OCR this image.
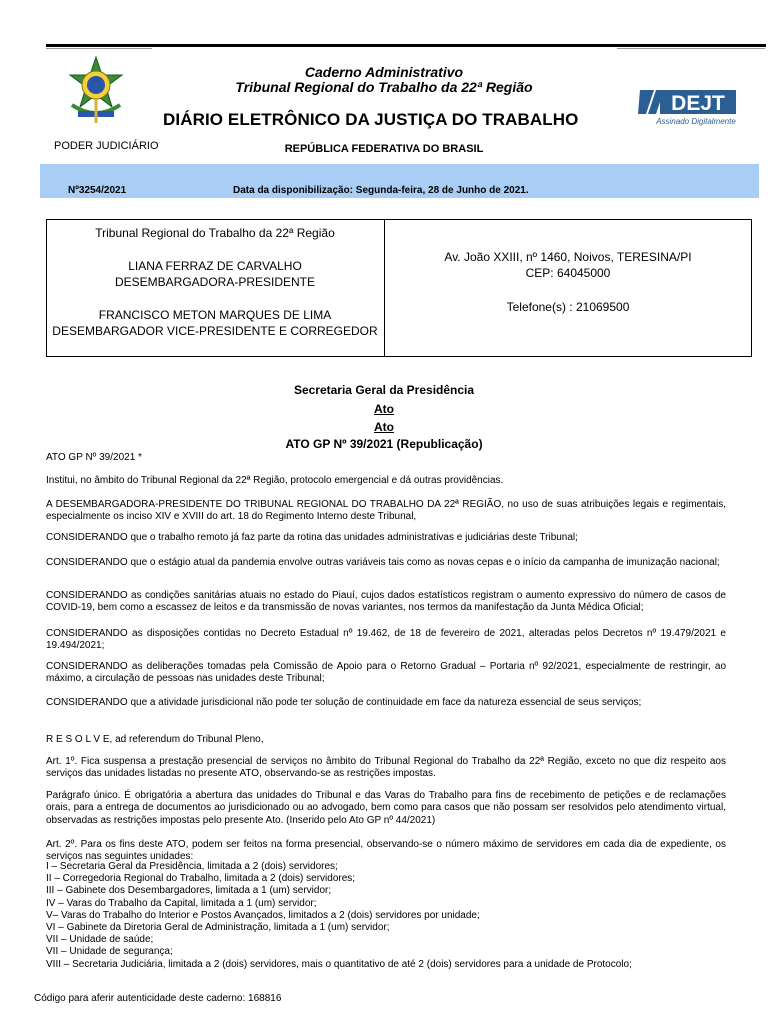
Caderno Administrativo
Tribunal Regional do Trabalho da 22ª Região
DIÁRIO ELETRÔNICO DA JUSTIÇA DO TRABALHO
DEJT
Assinado Digitalmente
PODER JUDICIÁRIO	REPÚBLICA FEDERATIVA DO BRASIL
Nº3254/2021	Data da disponibilização: Segunda-feira, 28 de Junho de 2021.
Tribunal Regional do Trabalho da 22ª Região
LIANA FERRAZ DE CARVALHO
DESEMBARGADORA-PRESIDENTE
FRANCISCO METON MARQUES DE LIMA
DESEMBARGADOR VICE-PRESIDENTE E CORREGEDOR
Av. João XXIII, nº 1460, Noivos, TERESINA/PI
CEP: 64045000
Telefone(s) : 21069500
Secretaria Geral da Presidência
Ato
Ato
ATO GP Nº 39/2021 (Republicação)
ATO GP Nº 39/2021 *
Institui, no âmbito do Tribunal Regional da 22ª Região, protocolo emergencial e dá outras providências.
A DESEMBARGADORA-PRESIDENTE DO TRIBUNAL REGIONAL DO TRABALHO DA 22ª REGIÃO, no uso de suas atribuições legais e regimentais, especialmente os inciso XIV e XVIII do art. 18 do Regimento Interno deste Tribunal,
CONSIDERANDO que o trabalho remoto já faz parte da rotina das unidades administrativas e judiciárias deste Tribunal;
CONSIDERANDO que o estágio atual da pandemia envolve outras variáveis tais como as novas cepas e o início da campanha de imunização nacional;
CONSIDERANDO as condições sanitárias atuais no estado do Piauí, cujos dados estatísticos registram o aumento expressivo do número de casos de COVID-19, bem como a escassez de leitos e da transmissão de novas variantes, nos termos da manifestação da Junta Médica Oficial;
CONSIDERANDO as disposições contidas no Decreto Estadual nº 19.462, de 18 de fevereiro de 2021, alteradas pelos Decretos nº 19.479/2021 e 19.494/2021;
CONSIDERANDO as deliberações tomadas pela Comissão de Apoio para o Retorno Gradual – Portaria nº 92/2021, especialmente de restringir, ao máximo, a circulação de pessoas nas unidades deste Tribunal;
CONSIDERANDO que a atividade jurisdicional não pode ter solução de continuidade em face da natureza essencial de seus serviços;
R E S O L V E, ad referendum do Tribunal Pleno,
Art. 1º. Fica suspensa a prestação presencial de serviços no âmbito do Tribunal Regional do Trabalho da 22ª Região, exceto no que diz respeito aos serviços das unidades listadas no presente ATO, observando-se as restrições impostas.
Parágrafo único. É obrigatória a abertura das unidades do Tribunal e das Varas do Trabalho para fins de recebimento de petições e de reclamações orais, para a entrega de documentos ao jurisdicionado ou ao advogado, bem como para casos que não possam ser resolvidos pelo atendimento virtual, observadas as restrições impostas pelo presente Ato. (Inserido pelo Ato GP nº 44/2021)
Art. 2º. Para os fins deste ATO, podem ser feitos na forma presencial, observando-se o número máximo de servidores em cada dia de expediente, os serviços nas seguintes unidades:
I – Secretaria Geral da Presidência, limitada a 2 (dois) servidores;
II – Corregedoria Regional do Trabalho, limitada a 2 (dois) servidores;
III – Gabinete dos Desembargadores, limitada a 1 (um) servidor;
IV – Varas do Trabalho da Capital, limitada a 1 (um) servidor;
V– Varas do Trabalho do Interior e Postos Avançados, limitados a 2 (dois) servidores por unidade;
VI – Gabinete da Diretoria Geral de Administração, limitada a 1 (um) servidor;
VII – Unidade de saúde;
VII – Unidade de segurança;
VIII – Secretaria Judiciária, limitada a 2 (dois) servidores, mais o quantitativo de até 2 (dois) servidores para a unidade de Protocolo;
Código para aferir autenticidade deste caderno: 168816
